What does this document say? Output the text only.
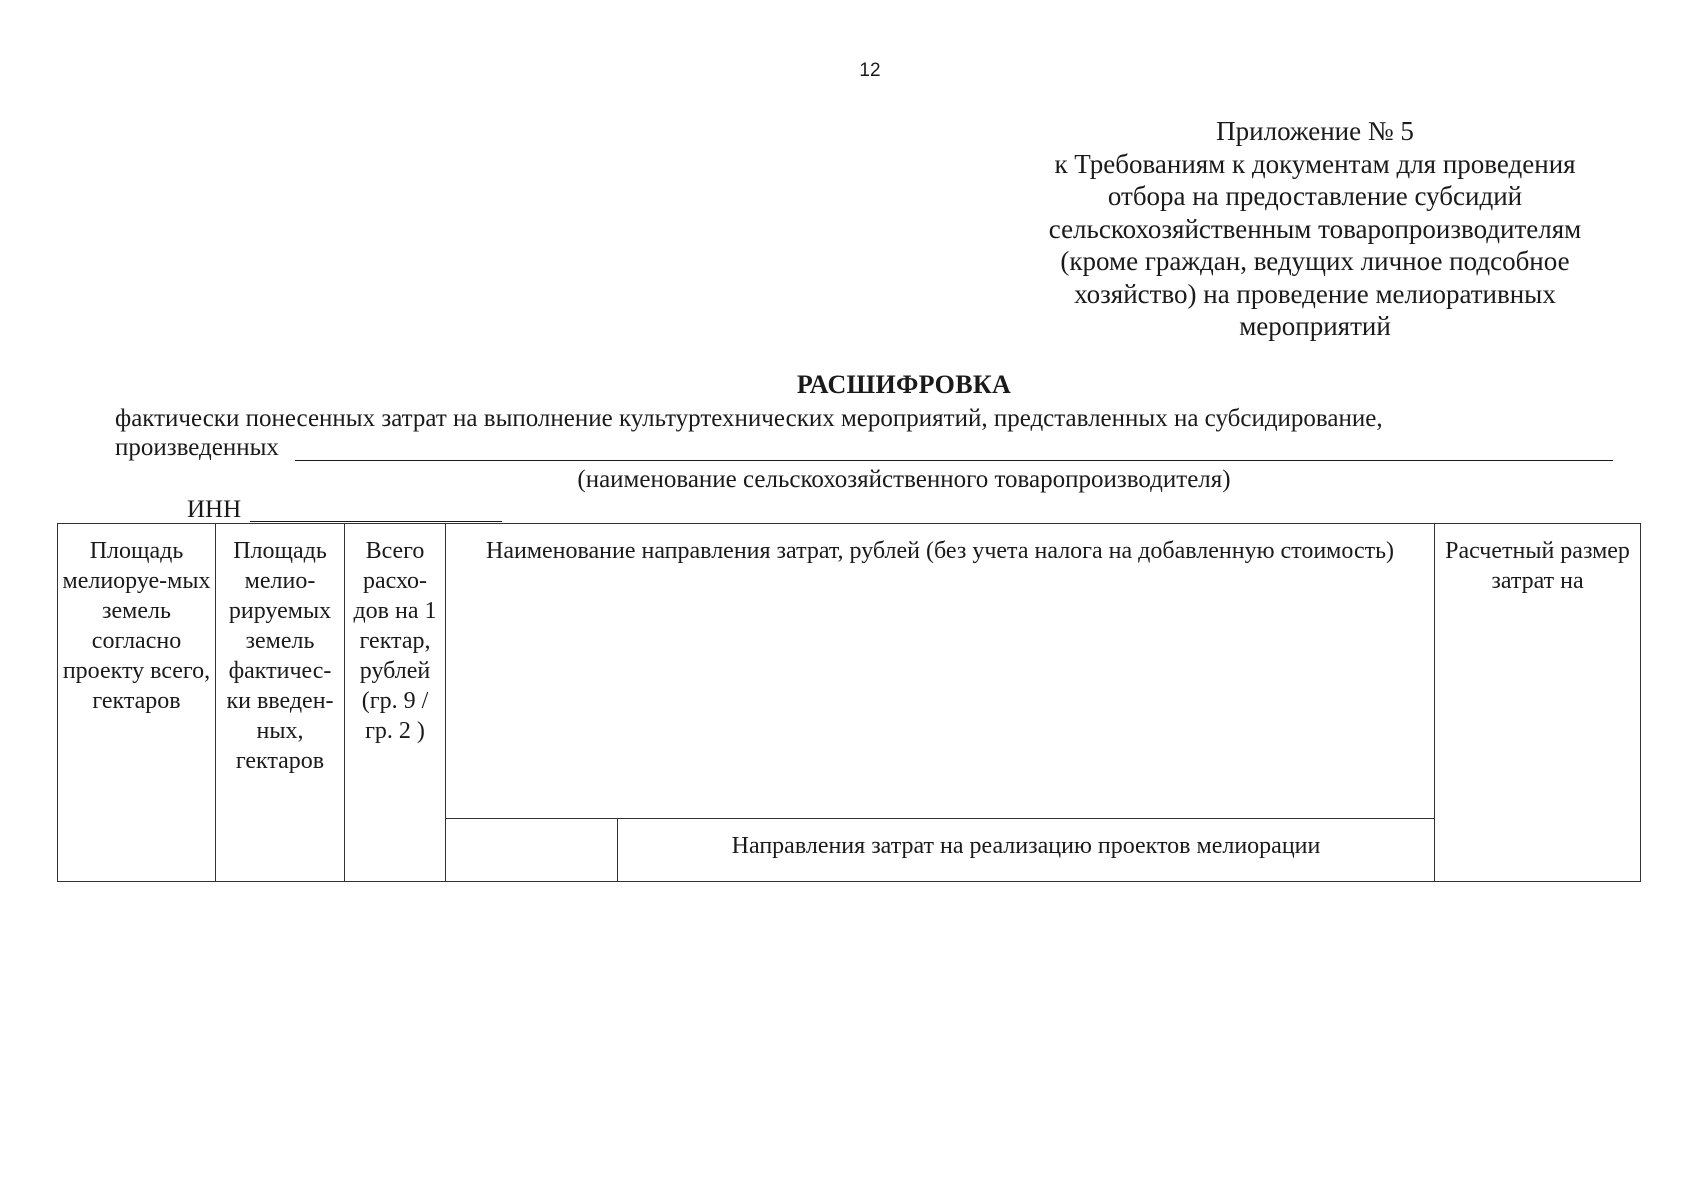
12
Приложение № 5
к Требованиям к документам для проведения
отбора на предоставление субсидий
сельскохозяйственным товаропроизводителям
(кроме граждан, ведущих личное подсобное
хозяйство) на проведение мелиоративных
мероприятий
РАСШИФРОВКА
фактически понесенных затрат на выполнение культуртехнических мероприятий, представленных на субсидирование,
произведенных
(наименование сельскохозяйственного товаропроизводителя)
ИНН
Площадь мелиоруе-мых земель согласно проекту всего, гектаров	Площадь мелио-рируемых земель фактичес-ки введен-ных, гектаров	Всего расхо-дов на 1 гектар, рублей (гр. 9 / гр. 2 )	Наименование направления затрат, рублей (без учета налога на добавленную стоимость)		Расчетный размер затрат на
				Направления затрат на реализацию проектов мелиорации	
